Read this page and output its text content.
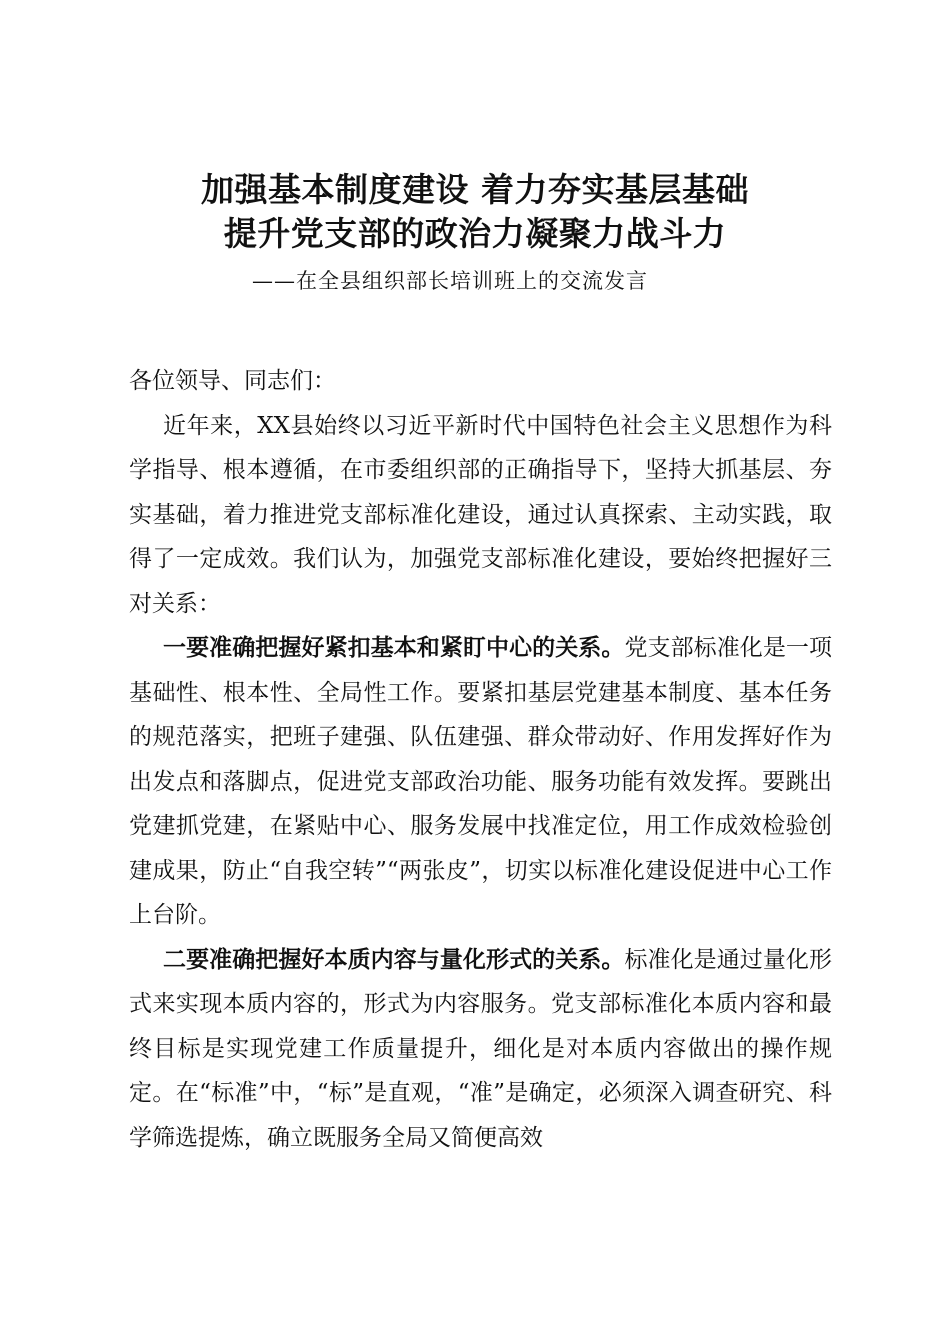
加强基本制度建设 着力夯实基层基础
提升党支部的政治力凝聚力战斗力
——在全县组织部长培训班上的交流发言

各位领导、同志们：

近年来，XX县始终以习近平新时代中国特色社会主义思想作为科学指导、根本遵循，在市委组织部的正确指导下，坚持大抓基层、夯实基础，着力推进党支部标准化建设，通过认真探索、主动实践，取得了一定成效。我们认为，加强党支部标准化建设，要始终把握好三对关系：

一要准确把握好紧扣基本和紧盯中心的关系。党支部标准化是一项基础性、根本性、全局性工作。要紧扣基层党建基本制度、基本任务的规范落实，把班子建强、队伍建强、群众带动好、作用发挥好作为出发点和落脚点，促进党支部政治功能、服务功能有效发挥。要跳出党建抓党建，在紧贴中心、服务发展中找准定位，用工作成效检验创建成果，防止“自我空转”“两张皮”，切实以标准化建设促进中心工作上台阶。

二要准确把握好本质内容与量化形式的关系。标准化是通过量化形式来实现本质内容的，形式为内容服务。党支部标准化本质内容和最终目标是实现党建工作质量提升，细化是对本质内容做出的操作规定。在“标准”中，“标”是直观，“准”是确定，必须深入调查研究、科学筛选提炼，确立既服务全局又简便高效
